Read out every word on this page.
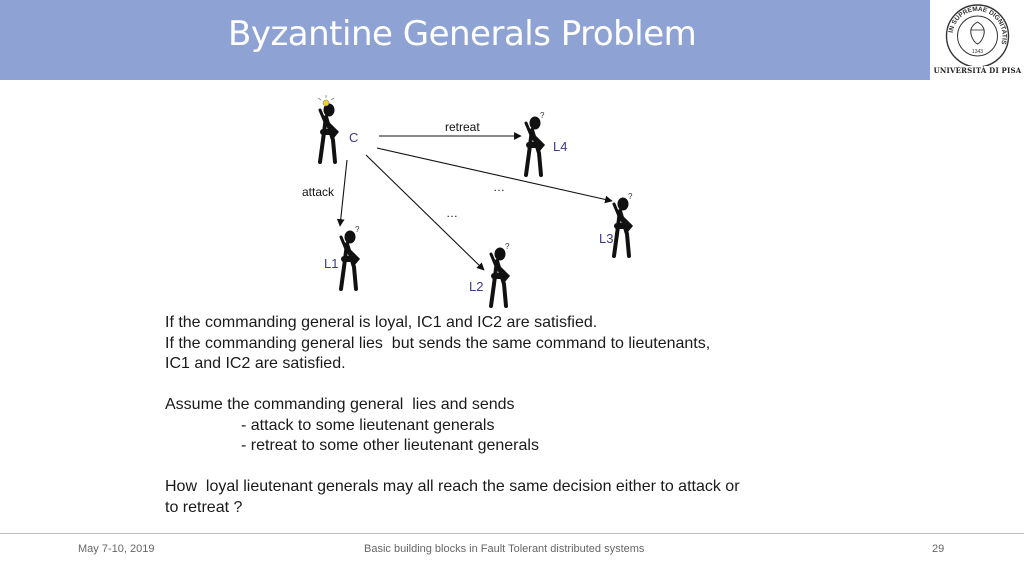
Byzantine Generals Problem	IN SUPREMAE DIGNITATIS
1343
UNIVERSITÀ DI PISA
retreat
attack	…
…
C
?
L4
?
L3
?
L1
?
L2

If the commanding general is loyal, IC1 and IC2 are satisfied.

If the commanding general lies  but sends the same command to lieutenants,

IC1 and IC2 are satisfied.

Assume the commanding general  lies and sends

- attack to some lieutenant generals

- retreat to some other lieutenant generals

How  loyal lieutenant generals may all reach the same decision either to attack or

to retreat ?

May 7-10, 2019	Basic building blocks in Fault Tolerant distributed systems	29
